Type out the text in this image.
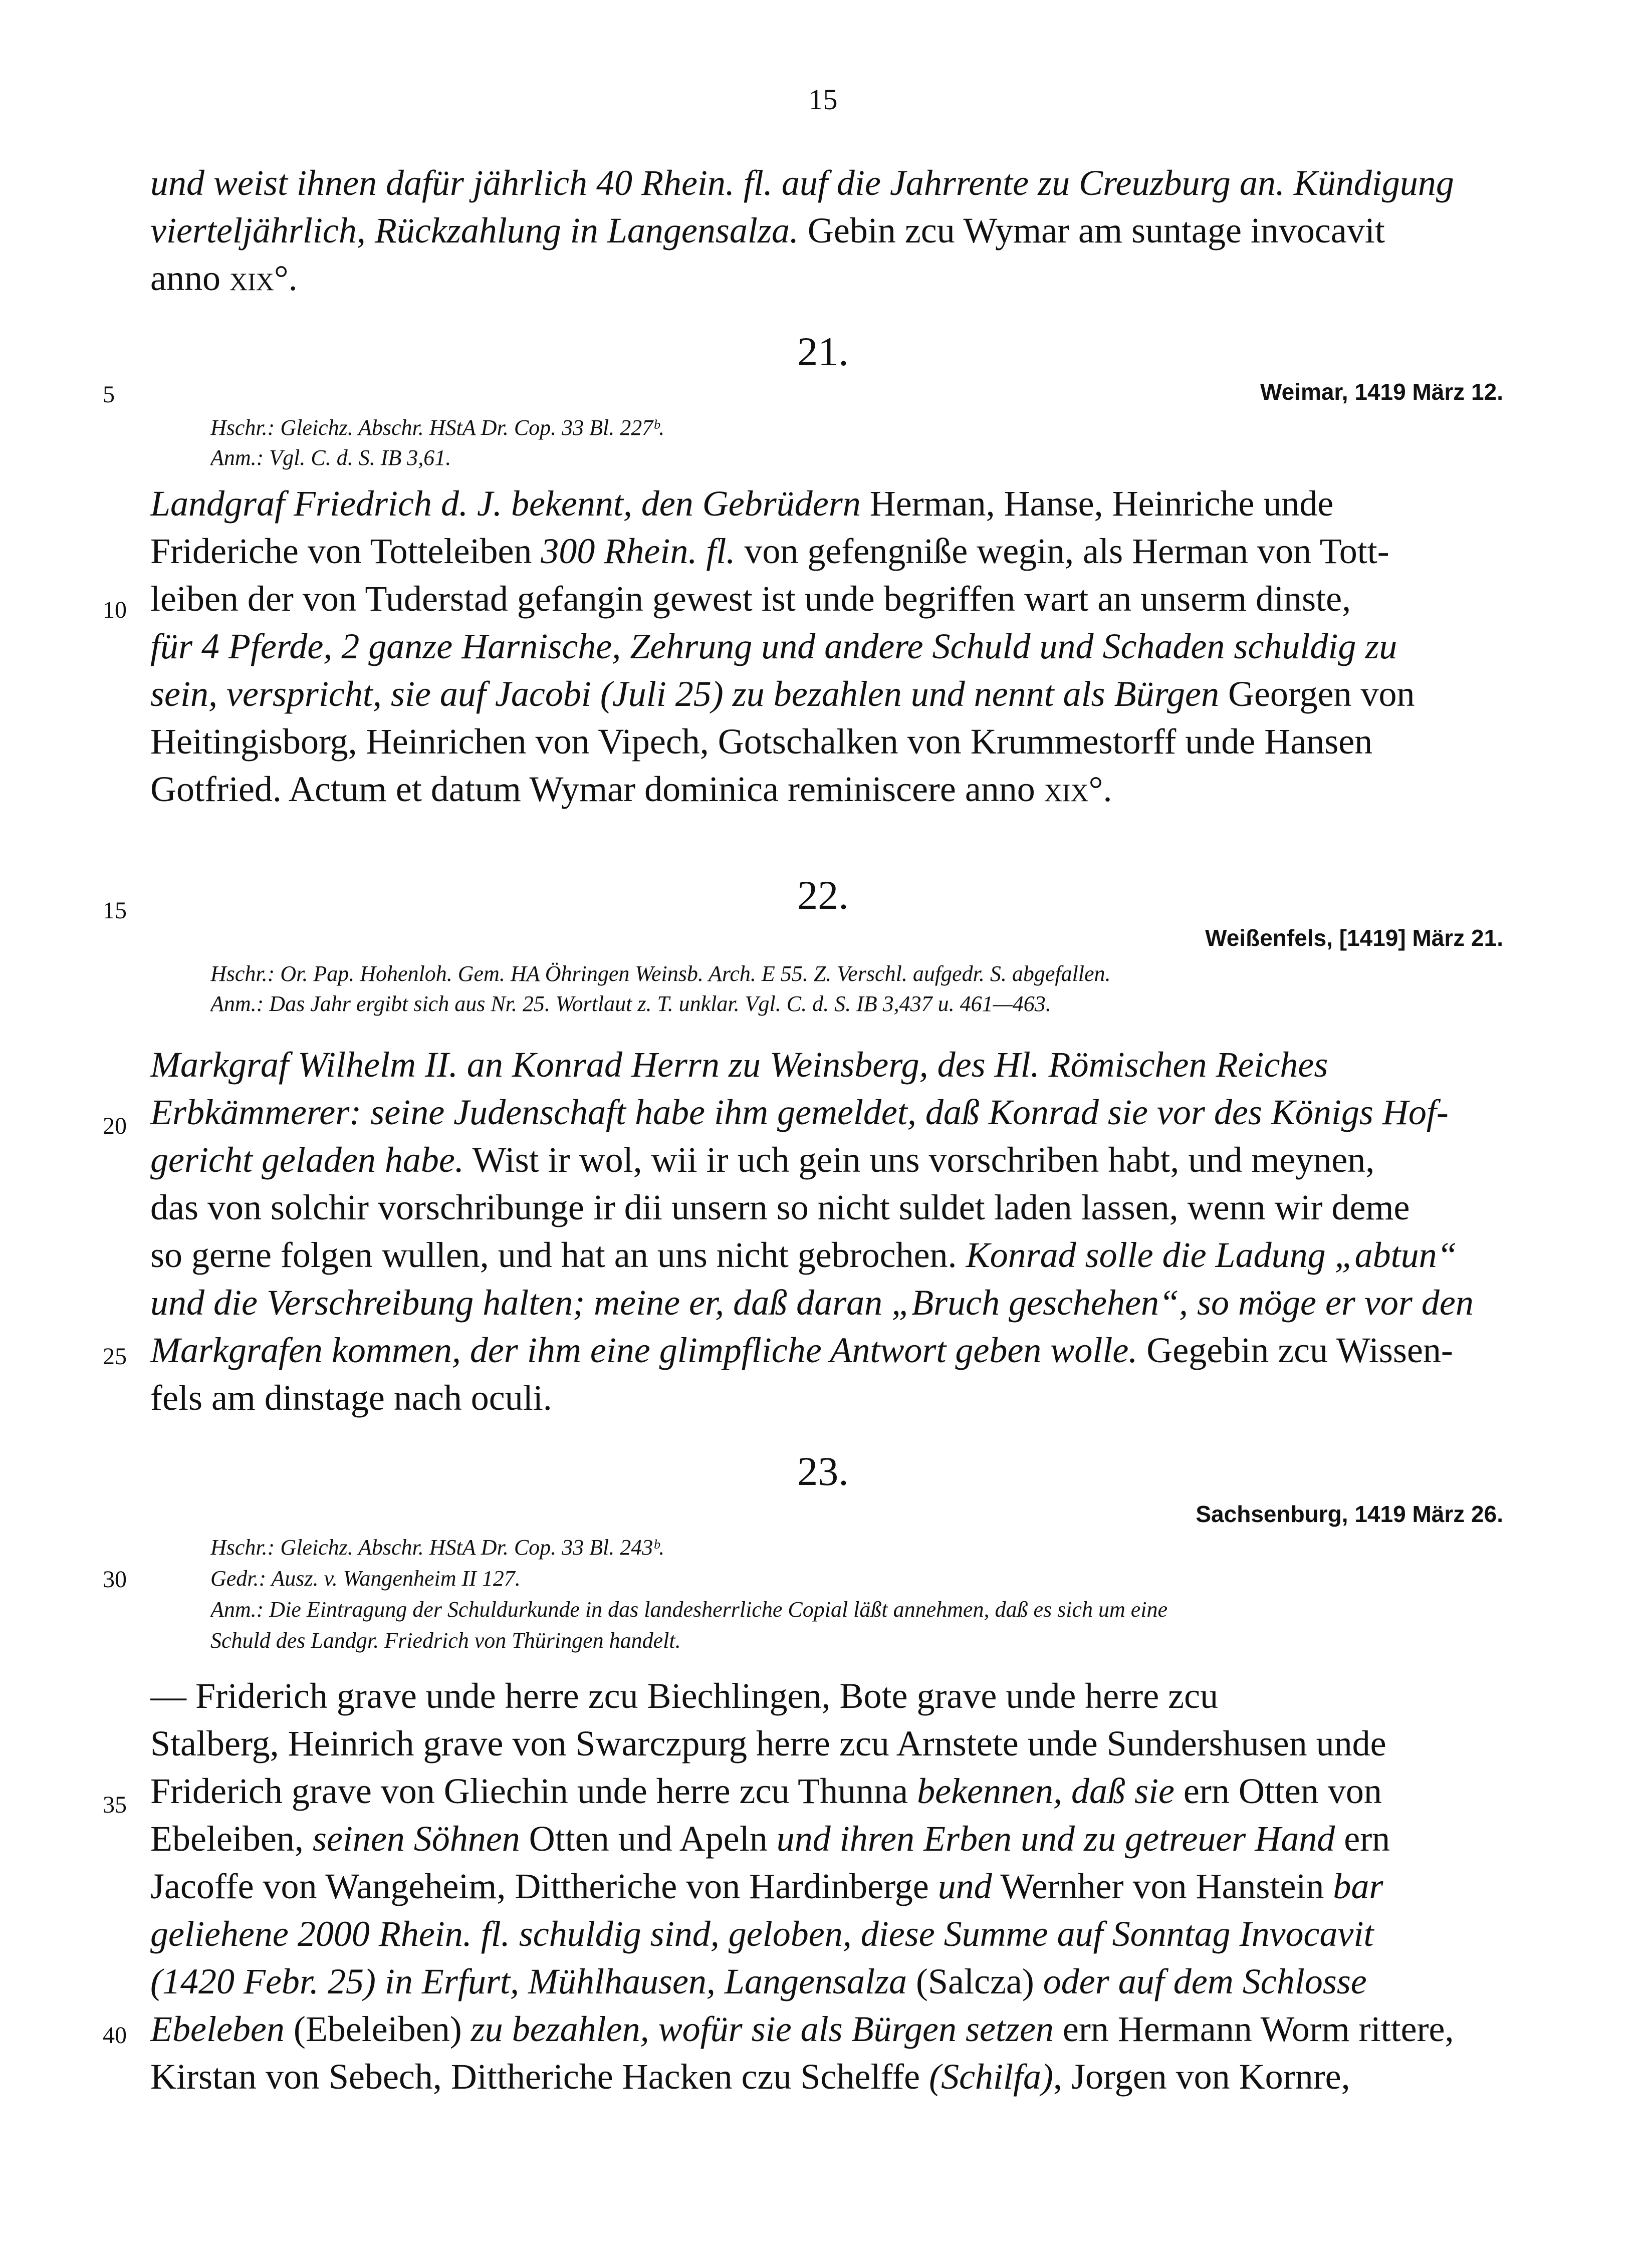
15
und weist ihnen dafür jährlich 40 Rhein. fl. auf die Jahrrente zu Creuzburg an. Kündigung
vierteljährlich, Rückzahlung in Langensalza. Gebin zcu Wymar am suntage invocavit
anno xix°.
21.
Weimar, 1419 März 12.
Hschr.: Gleichz. Abschr. HStA Dr. Cop. 33 Bl. 227ᵇ.
Anm.: Vgl. C. d. S. IB 3,61.
Landgraf Friedrich d. J. bekennt, den Gebrüdern Herman, Hanse, Heinriche unde
Frideriche von Totteleiben 300 Rhein. fl. von gefengniße wegin, als Herman von Tott-
leiben der von Tuderstad gefangin gewest ist unde begriffen wart an unserm dinste,
für 4 Pferde, 2 ganze Harnische, Zehrung und andere Schuld und Schaden schuldig zu
sein, verspricht, sie auf Jacobi (Juli 25) zu bezahlen und nennt als Bürgen Georgen von
Heitingisborg, Heinrichen von Vipech, Gotschalken von Krummestorff unde Hansen
Gotfried. Actum et datum Wymar dominica reminiscere anno xix°.
22.
Weißenfels, [1419] März 21.
Hschr.: Or. Pap. Hohenloh. Gem. HA Öhringen Weinsb. Arch. E 55. Z. Verschl. aufgedr. S. abgefallen.
Anm.: Das Jahr ergibt sich aus Nr. 25. Wortlaut z. T. unklar. Vgl. C. d. S. IB 3,437 u. 461—463.
Markgraf Wilhelm II. an Konrad Herrn zu Weinsberg, des Hl. Römischen Reiches
Erbkämmerer: seine Judenschaft habe ihm gemeldet, daß Konrad sie vor des Königs Hof-
gericht geladen habe. Wist ir wol, wii ir uch gein uns vorschriben habt, und meynen,
das von solchir vorschribunge ir dii unsern so nicht suldet laden lassen, wenn wir deme
so gerne folgen wullen, und hat an uns nicht gebrochen. Konrad solle die Ladung „abtun“
und die Verschreibung halten; meine er, daß daran „Bruch geschehen“, so möge er vor den
Markgrafen kommen, der ihm eine glimpfliche Antwort geben wolle. Gegebin zcu Wissen-
fels am dinstage nach oculi.
23.
Sachsenburg, 1419 März 26.
Hschr.: Gleichz. Abschr. HStA Dr. Cop. 33 Bl. 243ᵇ.
Gedr.: Ausz. v. Wangenheim II 127.
Anm.: Die Eintragung der Schuldurkunde in das landesherrliche Copial läßt annehmen, daß es sich um eine
Schuld des Landgr. Friedrich von Thüringen handelt.
— Friderich grave unde herre zcu Biechlingen, Bote grave unde herre zcu
Stalberg, Heinrich grave von Swarczpurg herre zcu Arnstete unde Sundershusen unde
Friderich grave von Gliechin unde herre zcu Thunna bekennen, daß sie ern Otten von
Ebeleiben, seinen Söhnen Otten und Apeln und ihren Erben und zu getreuer Hand ern
Jacoffe von Wangeheim, Dittheriche von Hardinberge und Wernher von Hanstein bar
geliehene 2000 Rhein. fl. schuldig sind, geloben, diese Summe auf Sonntag Invocavit
(1420 Febr. 25) in Erfurt, Mühlhausen, Langensalza (Salcza) oder auf dem Schlosse
Ebeleben (Ebeleiben) zu bezahlen, wofür sie als Bürgen setzen ern Hermann Worm rittere,
Kirstan von Sebech, Dittheriche Hacken czu Schelffe (Schilfa), Jorgen von Kornre,
5
10
15
20
25
30
35
40
